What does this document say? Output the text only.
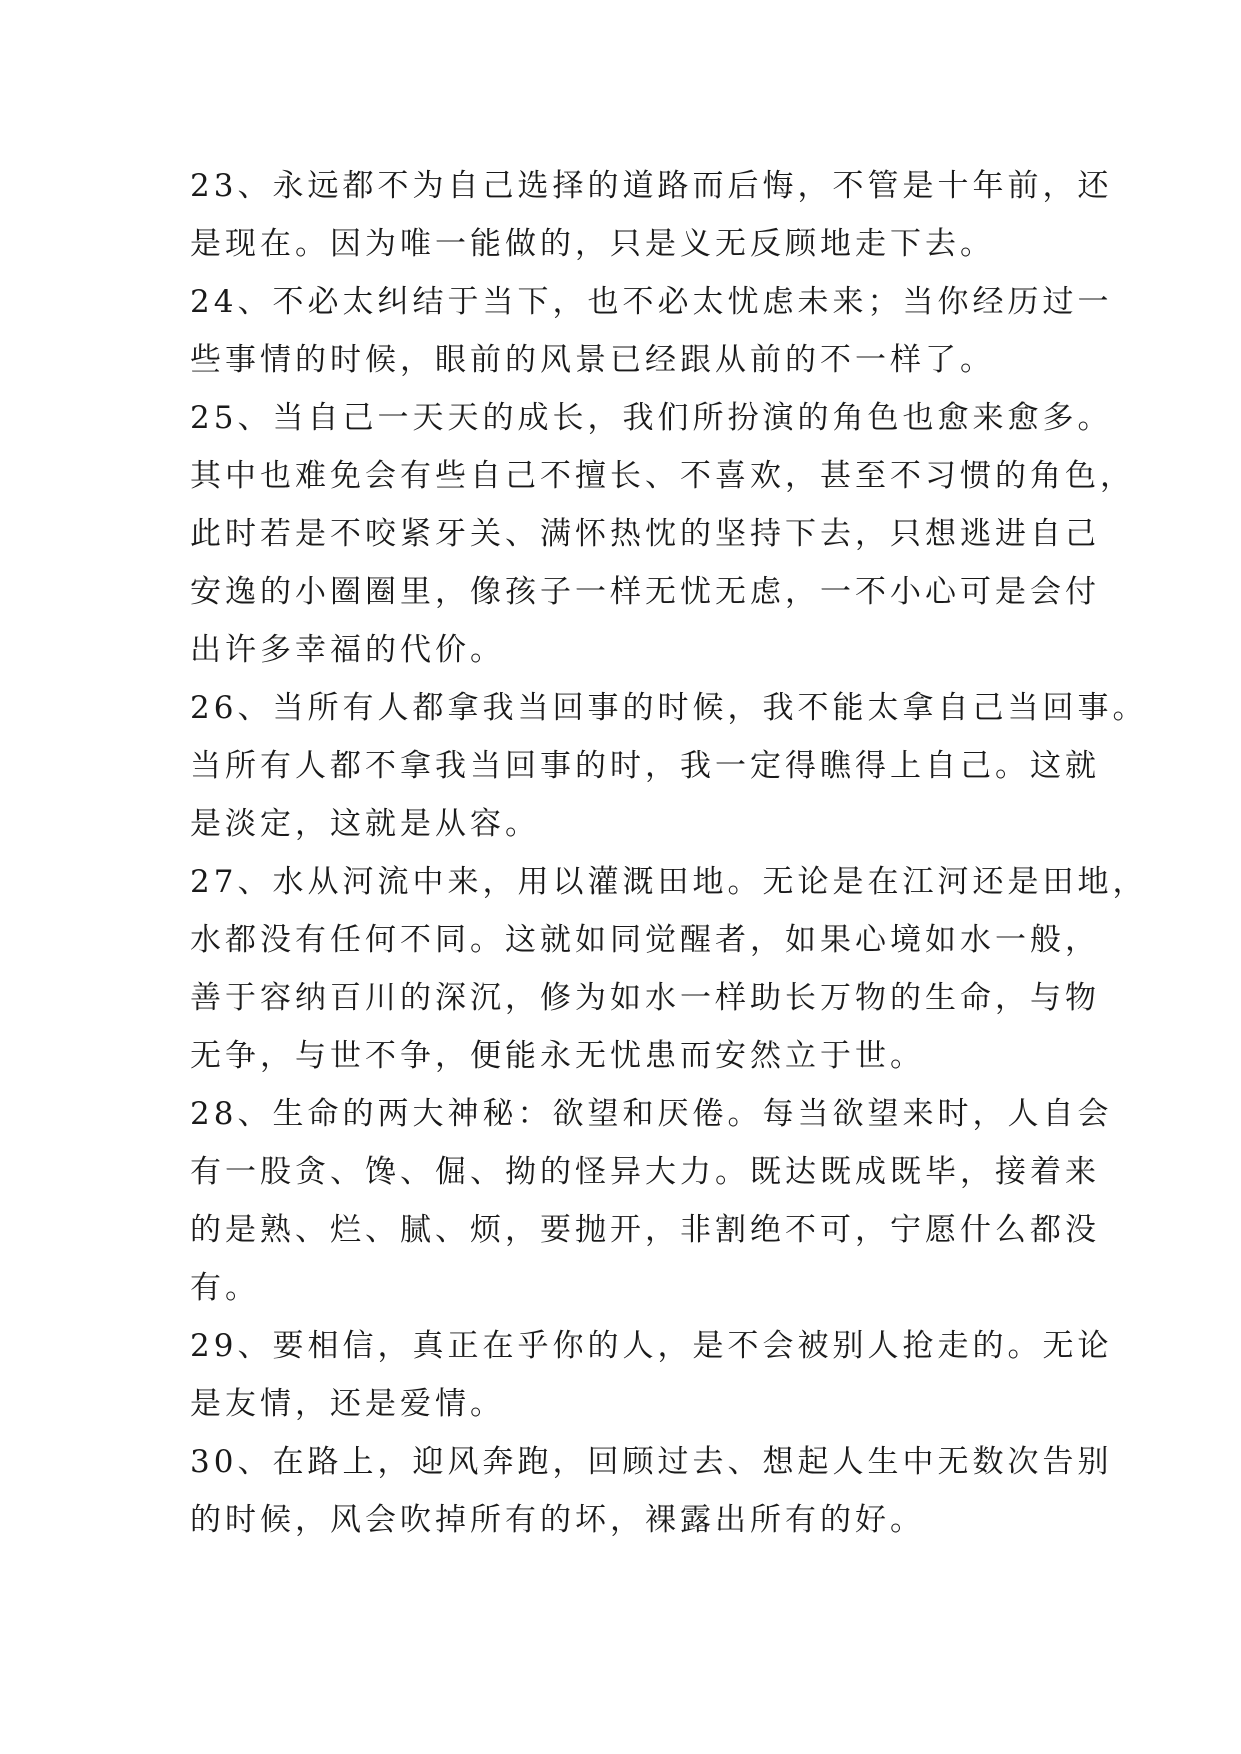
23、永远都不为自己选择的道路而后悔，不管是十年前，还
是现在。因为唯一能做的，只是义无反顾地走下去。
24、不必太纠结于当下，也不必太忧虑未来；当你经历过一
些事情的时候，眼前的风景已经跟从前的不一样了。
25、当自己一天天的成长，我们所扮演的角色也愈来愈多。
其中也难免会有些自己不擅长、不喜欢，甚至不习惯的角色，
此时若是不咬紧牙关、满怀热忱的坚持下去，只想逃进自己
安逸的小圈圈里，像孩子一样无忧无虑，一不小心可是会付
出许多幸福的代价。
26、当所有人都拿我当回事的时候，我不能太拿自己当回事。
当所有人都不拿我当回事的时，我一定得瞧得上自己。这就
是淡定，这就是从容。
27、水从河流中来，用以灌溉田地。无论是在江河还是田地，
水都没有任何不同。这就如同觉醒者，如果心境如水一般，
善于容纳百川的深沉，修为如水一样助长万物的生命，与物
无争，与世不争，便能永无忧患而安然立于世。
28、生命的两大神秘：欲望和厌倦。每当欲望来时，人自会
有一股贪、馋、倔、拗的怪异大力。既达既成既毕，接着来
的是熟、烂、腻、烦，要抛开，非割绝不可，宁愿什么都没
有。
29、要相信，真正在乎你的人，是不会被别人抢走的。无论
是友情，还是爱情。
30、在路上，迎风奔跑，回顾过去、想起人生中无数次告别
的时候，风会吹掉所有的坏，裸露出所有的好。
